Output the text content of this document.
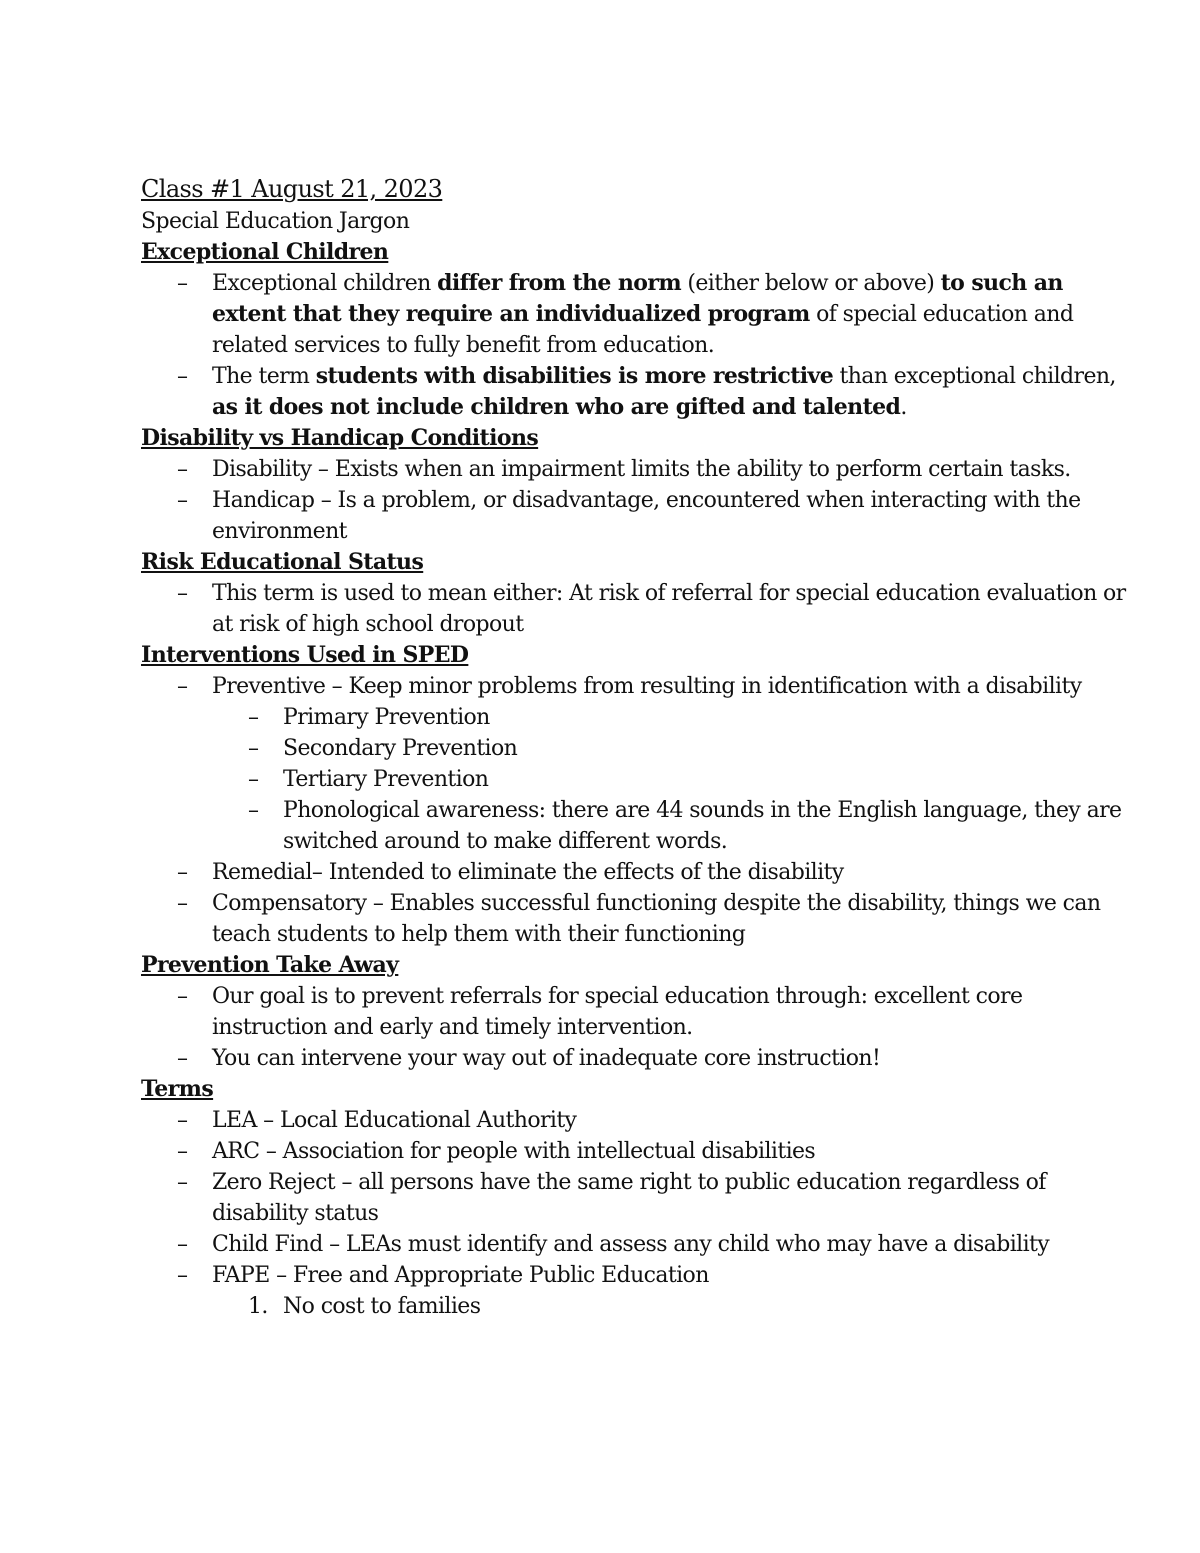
Class #1 August 21, 2023
Special Education Jargon
Exceptional Children
– Exceptional children differ from the norm (either below or above) to such an extent that they require an individualized program of special education and related services to fully benefit from education.
– The term students with disabilities is more restrictive than exceptional children, as it does not include children who are gifted and talented.
Disability vs Handicap Conditions
– Disability – Exists when an impairment limits the ability to perform certain tasks.
– Handicap – Is a problem, or disadvantage, encountered when interacting with the environment
Risk Educational Status
– This term is used to mean either: At risk of referral for special education evaluation or at risk of high school dropout
Interventions Used in SPED
– Preventive – Keep minor problems from resulting in identification with a disability
– Primary Prevention
– Secondary Prevention
– Tertiary Prevention
– Phonological awareness: there are 44 sounds in the English language, they are switched around to make different words.
– Remedial– Intended to eliminate the effects of the disability
– Compensatory – Enables successful functioning despite the disability, things we can teach students to help them with their functioning
Prevention Take Away
– Our goal is to prevent referrals for special education through: excellent core instruction and early and timely intervention.
– You can intervene your way out of inadequate core instruction!
Terms
– LEA – Local Educational Authority
– ARC – Association for people with intellectual disabilities
– Zero Reject – all persons have the same right to public education regardless of disability status
– Child Find – LEAs must identify and assess any child who may have a disability
– FAPE – Free and Appropriate Public Education
1. No cost to families
